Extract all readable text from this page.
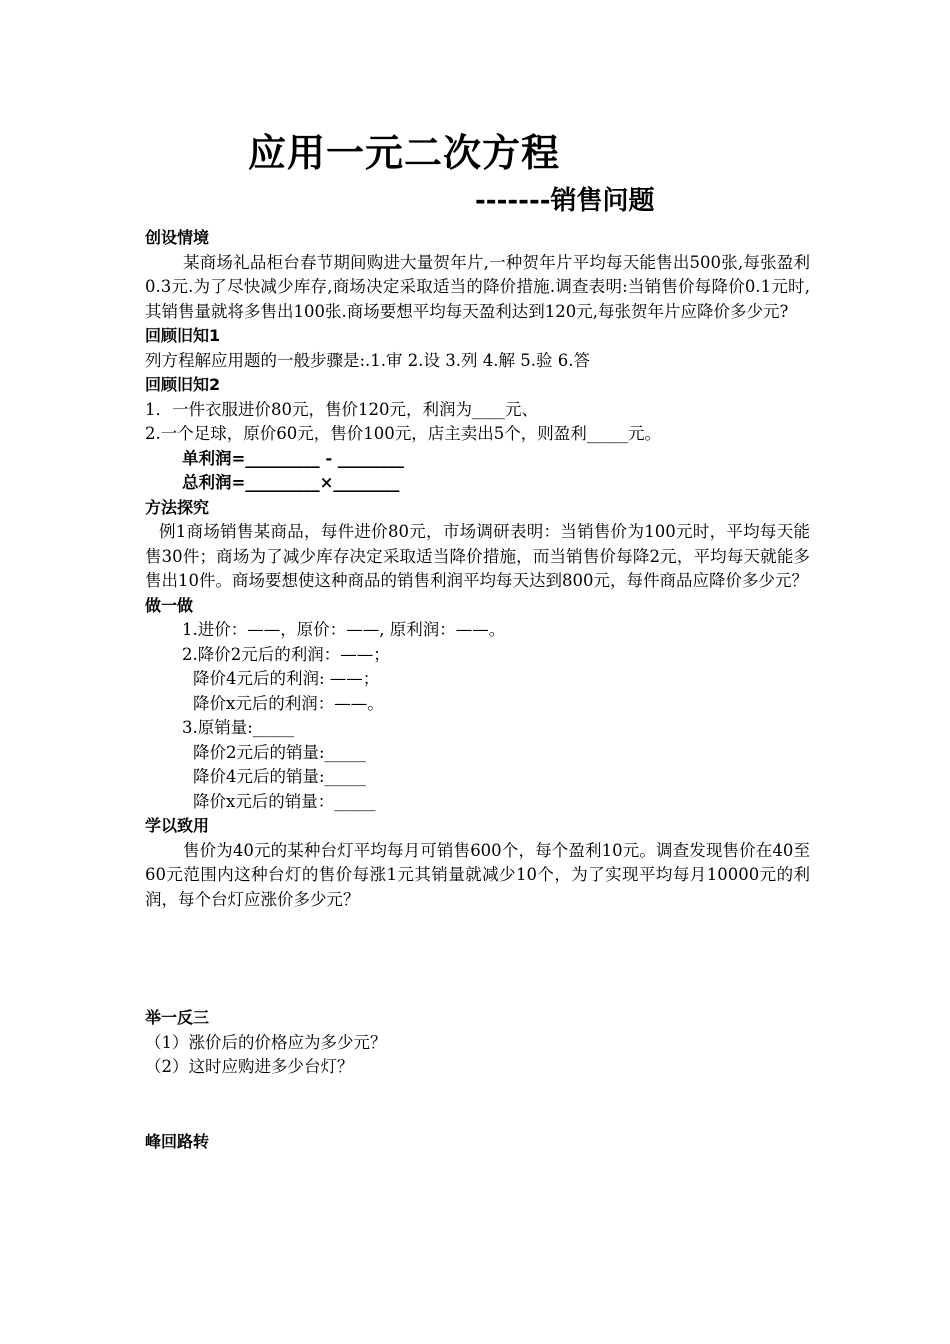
应用一元二次方程
-------销售问题

创设情境

某商场礼品柜台春节期间购进大量贺年片,一种贺年片平均每天能售出500张,每张盈利0.3元.为了尽快减少库存,商场决定采取适当的降价措施.调查表明:当销售价每降价0.1元时,其销售量就将多售出100张.商场要想平均每天盈利达到120元,每张贺年片应降价多少元?

回顾旧知1

列方程解应用题的一般步骤是:.1.审 2.设 3.列 4.解 5.验 6.答

回顾旧知2

1．一件衣服进价80元，售价120元，利润为____元、

2.一个足球，原价60元，售价100元，店主卖出5个，则盈利_____元。

单利润=_________ - ________

总利润=_________×________

方法探究

例1商场销售某商品，每件进价80元，市场调研表明：当销售价为100元时，平均每天能售30件；商场为了减少库存决定采取适当降价措施，而当销售价每降2元，平均每天就能多售出10件。商场要想使这种商品的销售利润平均每天达到800元，每件商品应降价多少元？

做一做

1.进价：——，原价：——, 原利润：——。

2.降价2元后的利润：——；

降价4元后的利润: ——；

降价x元后的利润：——。

3.原销量:_____

降价2元后的销量:_____

降价4元后的销量:_____

降价x元后的销量：_____

学以致用

售价为40元的某种台灯平均每月可销售600个，每个盈利10元。调查发现售价在40至60元范围内这种台灯的售价每涨1元其销量就减少10个，为了实现平均每月10000元的利 润，每个台灯应涨价多少元？

举一反三

（1）涨价后的价格应为多少元？

（2）这时应购进多少台灯？

峰回路转
